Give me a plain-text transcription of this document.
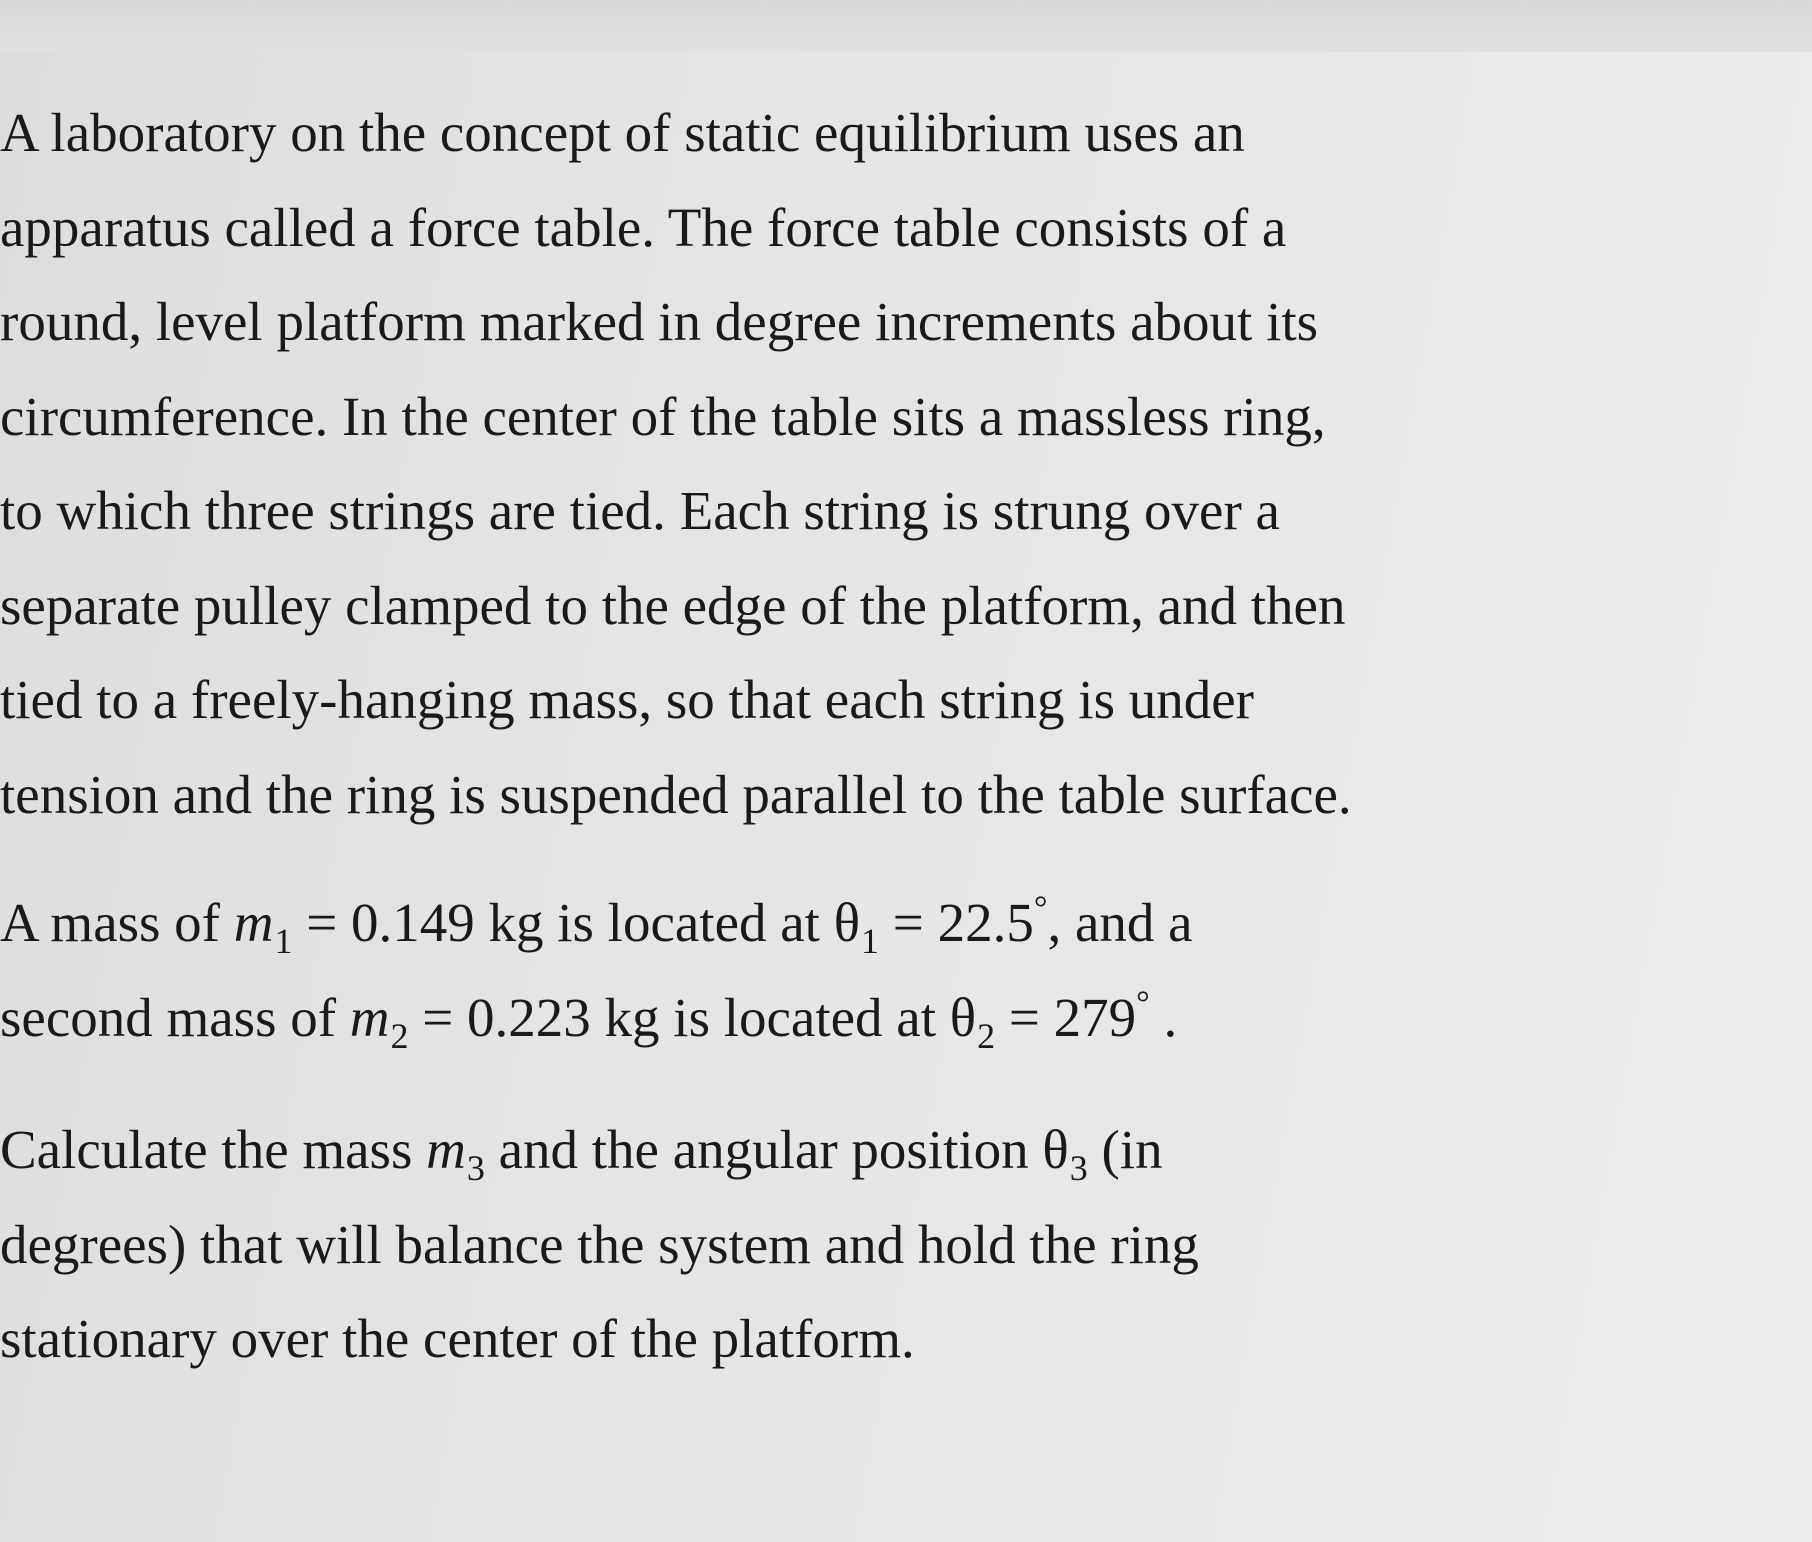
A laboratory on the concept of static equilibrium uses an
apparatus called a force table. The force table consists of a
round, level platform marked in degree increments about its
circumference. In the center of the table sits a massless ring,
to which three strings are tied. Each string is strung over a
separate pulley clamped to the edge of the platform, and then
tied to a freely-hanging mass, so that each string is under
tension and the ring is suspended parallel to the table surface.

A mass of $m_1 = 0.149$ kg is located at $\theta_1 = 22.5^\circ$, and a
second mass of $m_2 = 0.223$ kg is located at $\theta_2 = 279^\circ$ .

Calculate the mass $m_3$ and the angular position $\theta_3$ (in
degrees) that will balance the system and hold the ring
stationary over the center of the platform.
